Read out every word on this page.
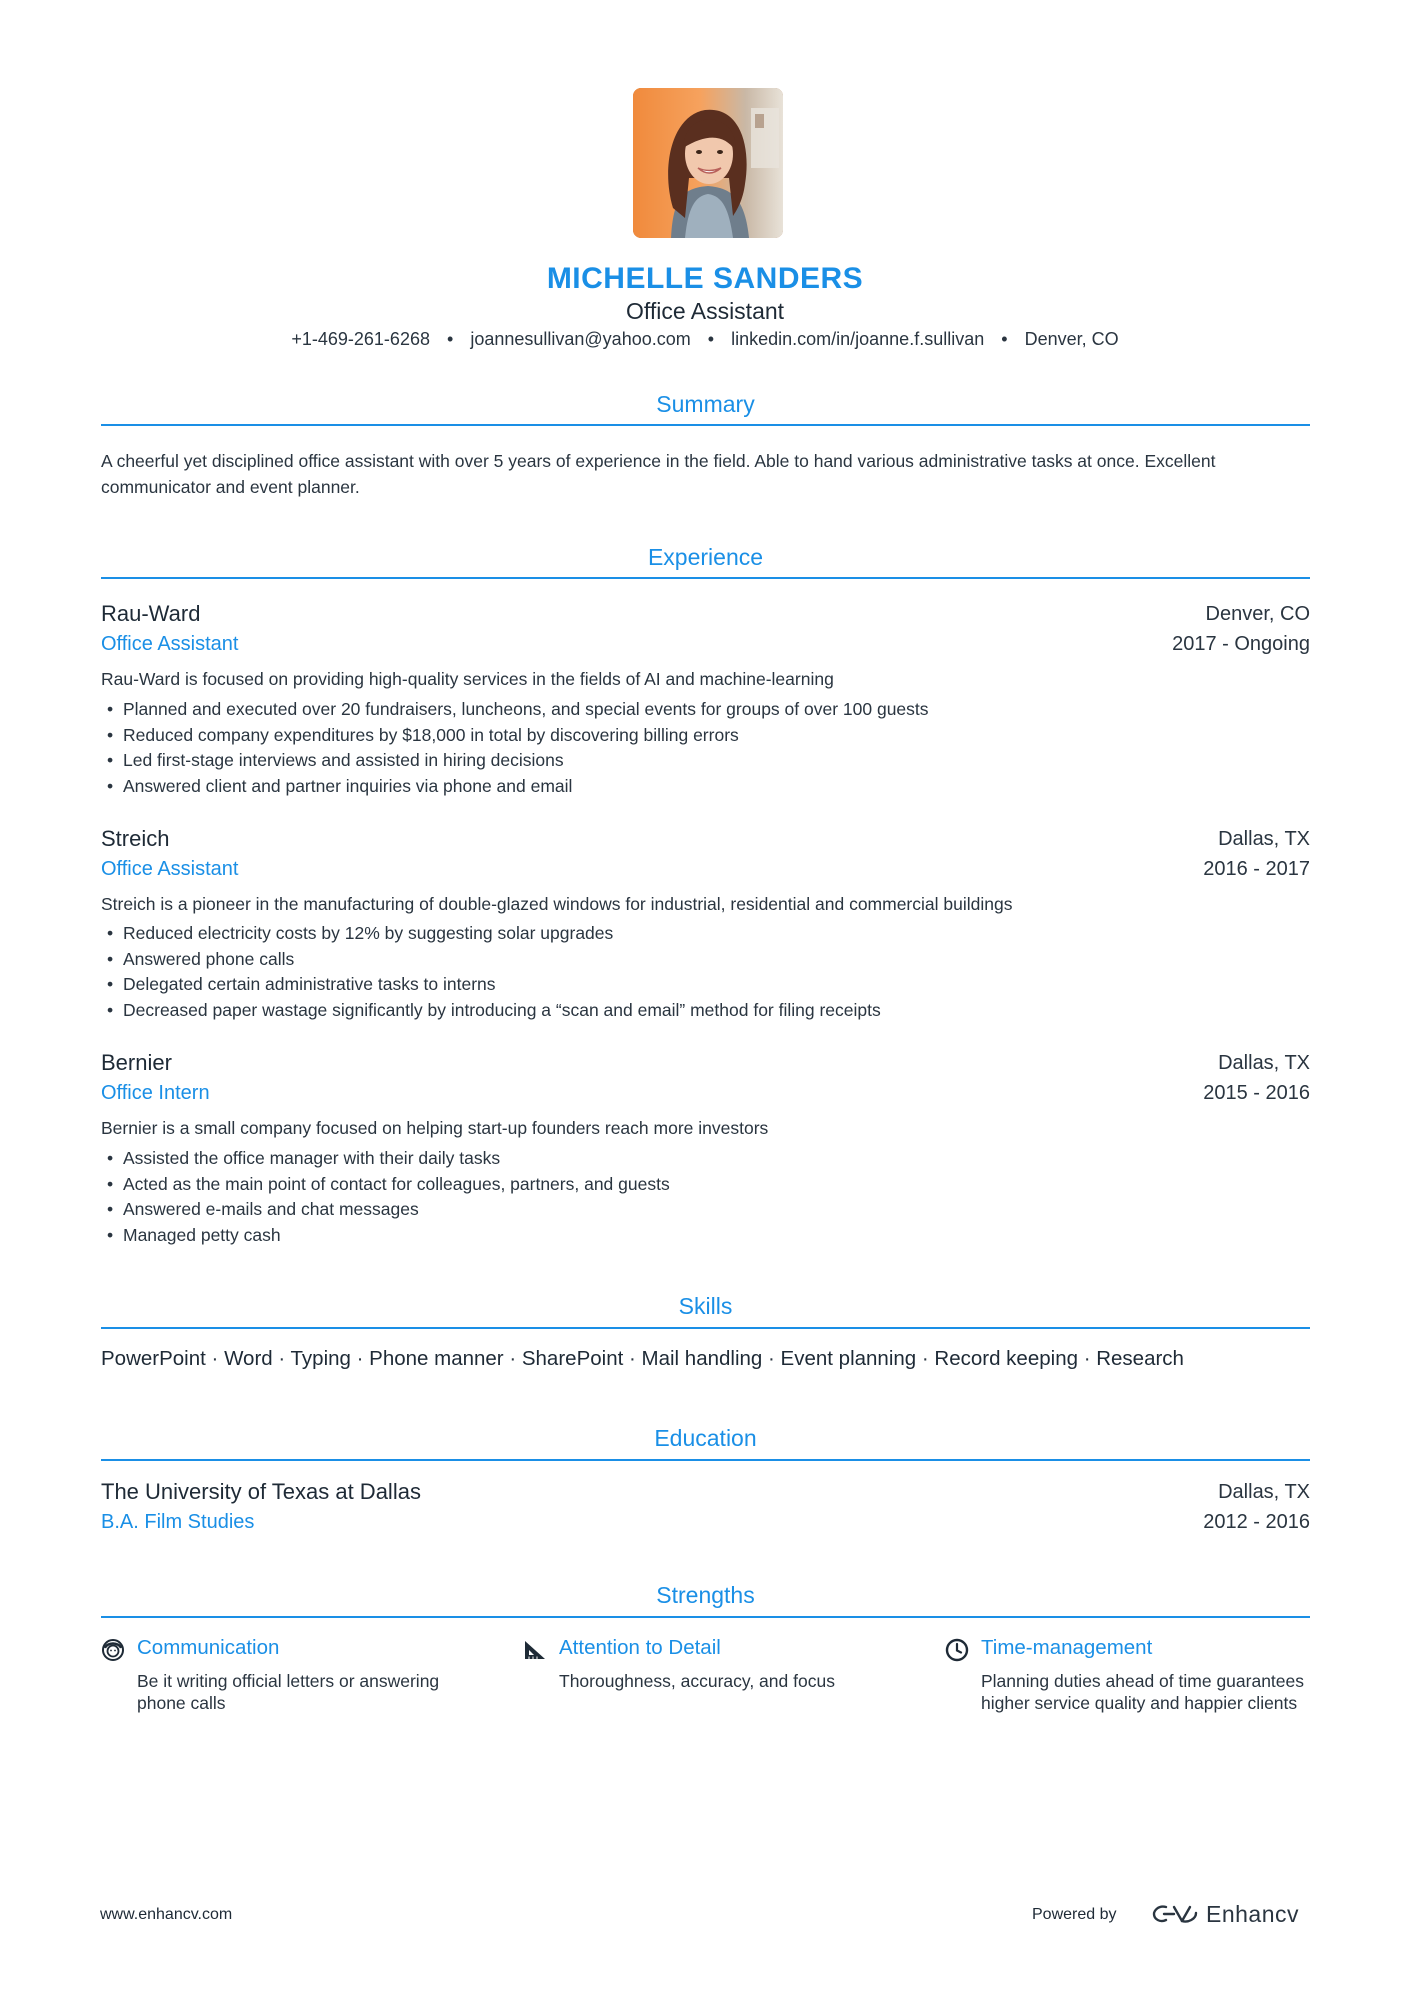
MICHELLE SANDERS
Office Assistant
+1-469-261-6268 • joannesullivan@yahoo.com • linkedin.com/in/joanne.f.sullivan • Denver, CO
Summary
A cheerful yet disciplined office assistant with over 5 years of experience in the field. Able to hand various administrative tasks at once. Excellent communicator and event planner.
Experience
Rau-Ward	Denver, CO
Office Assistant	2017 - Ongoing
Rau-Ward is focused on providing high-quality services in the fields of AI and machine-learning
• Planned and executed over 20 fundraisers, luncheons, and special events for groups of over 100 guests
• Reduced company expenditures by $18,000 in total by discovering billing errors
• Led first-stage interviews and assisted in hiring decisions
• Answered client and partner inquiries via phone and email
Streich	Dallas, TX
Office Assistant	2016 - 2017
Streich is a pioneer in the manufacturing of double-glazed windows for industrial, residential and commercial buildings
• Reduced electricity costs by 12% by suggesting solar upgrades
• Answered phone calls
• Delegated certain administrative tasks to interns
• Decreased paper wastage significantly by introducing a “scan and email” method for filing receipts
Bernier	Dallas, TX
Office Intern	2015 - 2016
Bernier is a small company focused on helping start-up founders reach more investors
• Assisted the office manager with their daily tasks
• Acted as the main point of contact for colleagues, partners, and guests
• Answered e-mails and chat messages
• Managed petty cash
Skills
PowerPoint · Word · Typing · Phone manner · SharePoint · Mail handling · Event planning · Record keeping · Research
Education
The University of Texas at Dallas	Dallas, TX
B.A. Film Studies	2012 - 2016
Strengths
Communication
Be it writing official letters or answering phone calls
Attention to Detail
Thoroughness, accuracy, and focus
Time-management
Planning duties ahead of time guarantees higher service quality and happier clients
www.enhancv.com	Powered by	Enhancv
